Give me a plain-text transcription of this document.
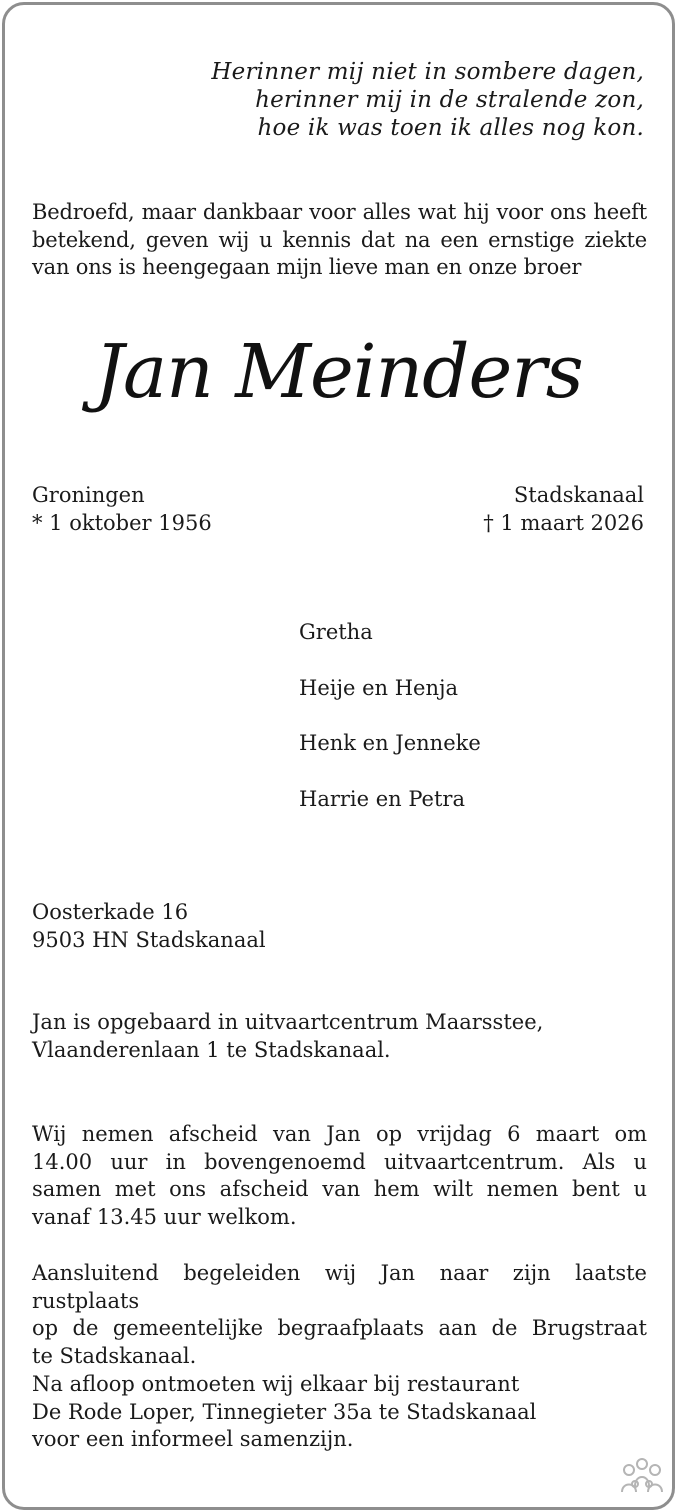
Herinner mij niet in sombere dagen,
herinner mij in de stralende zon,
hoe ik was toen ik alles nog kon.
Bedroefd, maar dankbaar voor alles wat hij voor ons heeft
betekend, geven wij u kennis dat na een ernstige ziekte
van ons is heengegaan mijn lieve man en onze broer
Jan Meinders
Groningen
* 1 oktober 1956
Stadskanaal
† 1 maart 2026
Gretha
Heije en Henja
Henk en Jenneke
Harrie en Petra
Oosterkade 16
9503 HN Stadskanaal
Jan is opgebaard in uitvaartcentrum Maarsstee,
Vlaanderenlaan 1 te Stadskanaal.
Wij nemen afscheid van Jan op vrijdag 6 maart om
14.00 uur in bovengenoemd uitvaartcentrum. Als u
samen met ons afscheid van hem wilt nemen bent u
vanaf 13.45 uur welkom.
Aansluitend begeleiden wij Jan naar zijn laatste rustplaats
op de gemeentelijke begraafplaats aan de Brugstraat
te Stadskanaal.
Na afloop ontmoeten wij elkaar bij restaurant
De Rode Loper, Tinnegieter 35a te Stadskanaal
voor een informeel samenzijn.
